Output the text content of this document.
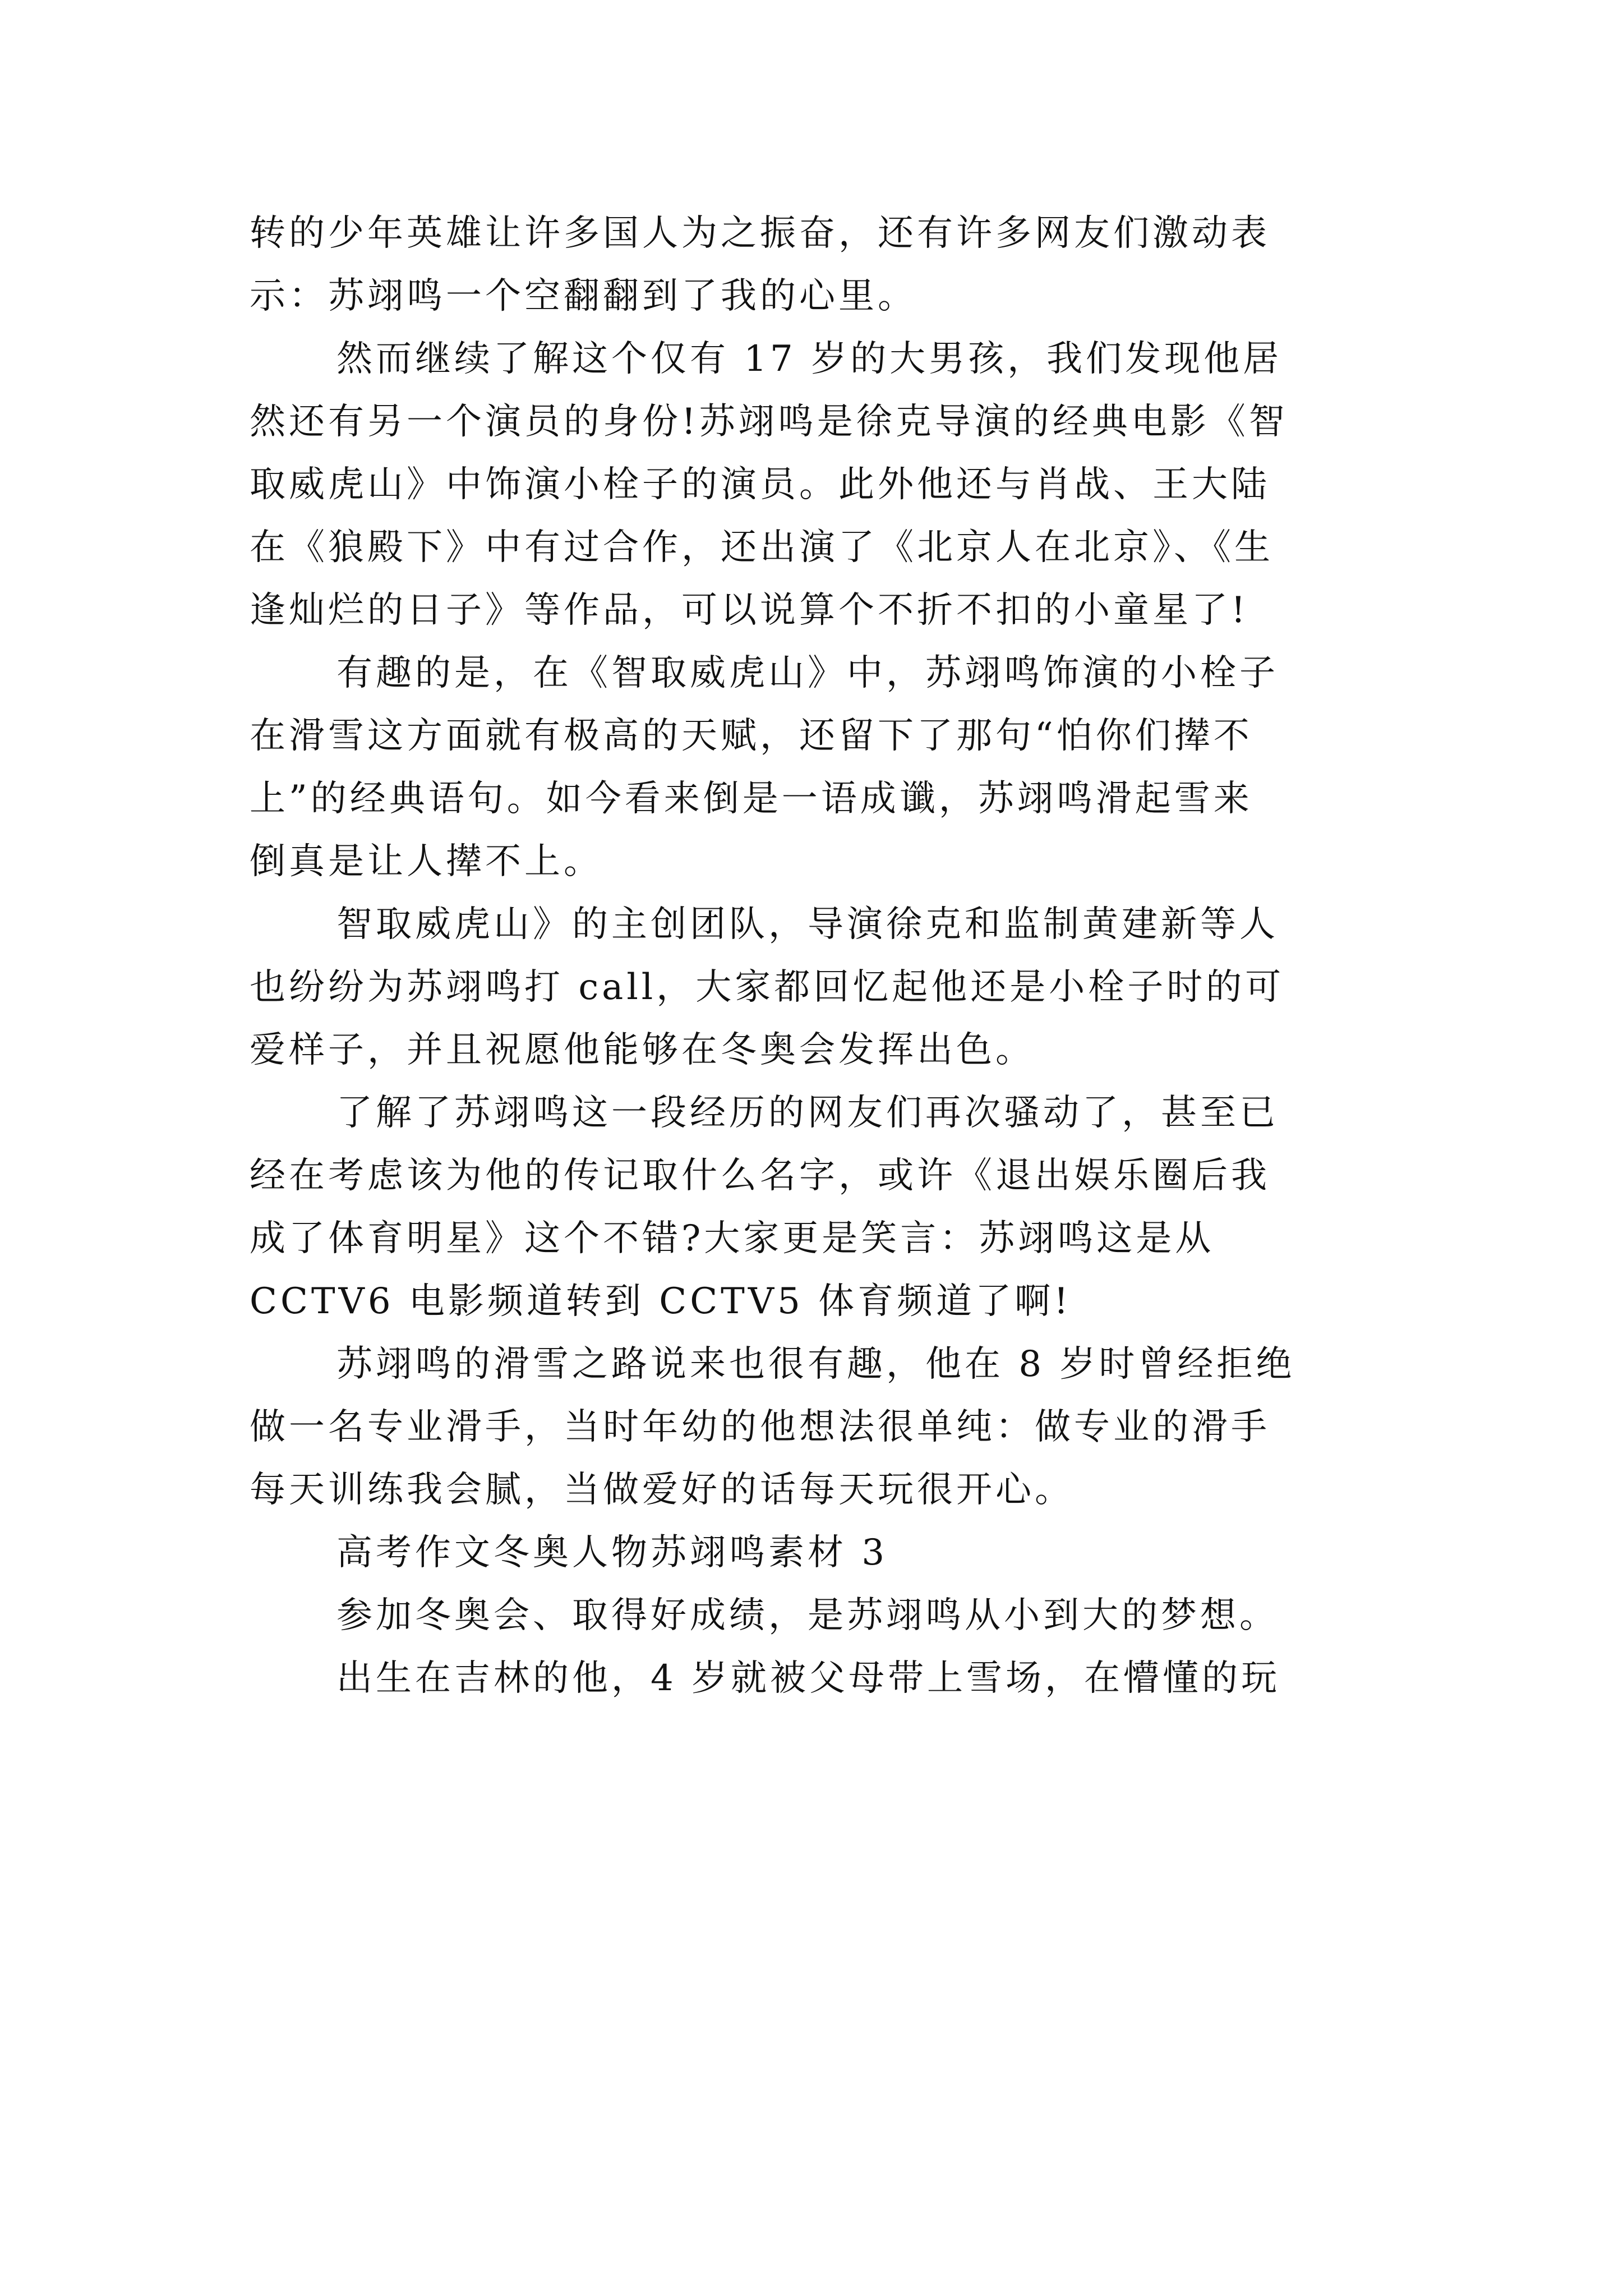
转的少年英雄让许多国人为之振奋，还有许多网友们激动表
示：苏翊鸣一个空翻翻到了我的心里。

然而继续了解这个仅有 17 岁的大男孩，我们发现他居
然还有另一个演员的身份!苏翊鸣是徐克导演的经典电影《智
取威虎山》中饰演小栓子的演员。此外他还与肖战、王大陆
在《狼殿下》中有过合作，还出演了《北京人在北京》、《生
逢灿烂的日子》等作品，可以说算个不折不扣的小童星了!

有趣的是，在《智取威虎山》中，苏翊鸣饰演的小栓子
在滑雪这方面就有极高的天赋，还留下了那句“怕你们撵不
上”的经典语句。如今看来倒是一语成谶，苏翊鸣滑起雪来
倒真是让人撵不上。

智取威虎山》的主创团队，导演徐克和监制黄建新等人
也纷纷为苏翊鸣打 call，大家都回忆起他还是小栓子时的可
爱样子，并且祝愿他能够在冬奥会发挥出色。

了解了苏翊鸣这一段经历的网友们再次骚动了，甚至已
经在考虑该为他的传记取什么名字，或许《退出娱乐圈后我
成了体育明星》这个不错?大家更是笑言：苏翊鸣这是从
CCTV6 电影频道转到 CCTV5 体育频道了啊!

苏翊鸣的滑雪之路说来也很有趣，他在 8 岁时曾经拒绝
做一名专业滑手，当时年幼的他想法很单纯：做专业的滑手
每天训练我会腻，当做爱好的话每天玩很开心。

高考作文冬奥人物苏翊鸣素材 3

参加冬奥会、取得好成绩，是苏翊鸣从小到大的梦想。

出生在吉林的他，4 岁就被父母带上雪场，在懵懂的玩
